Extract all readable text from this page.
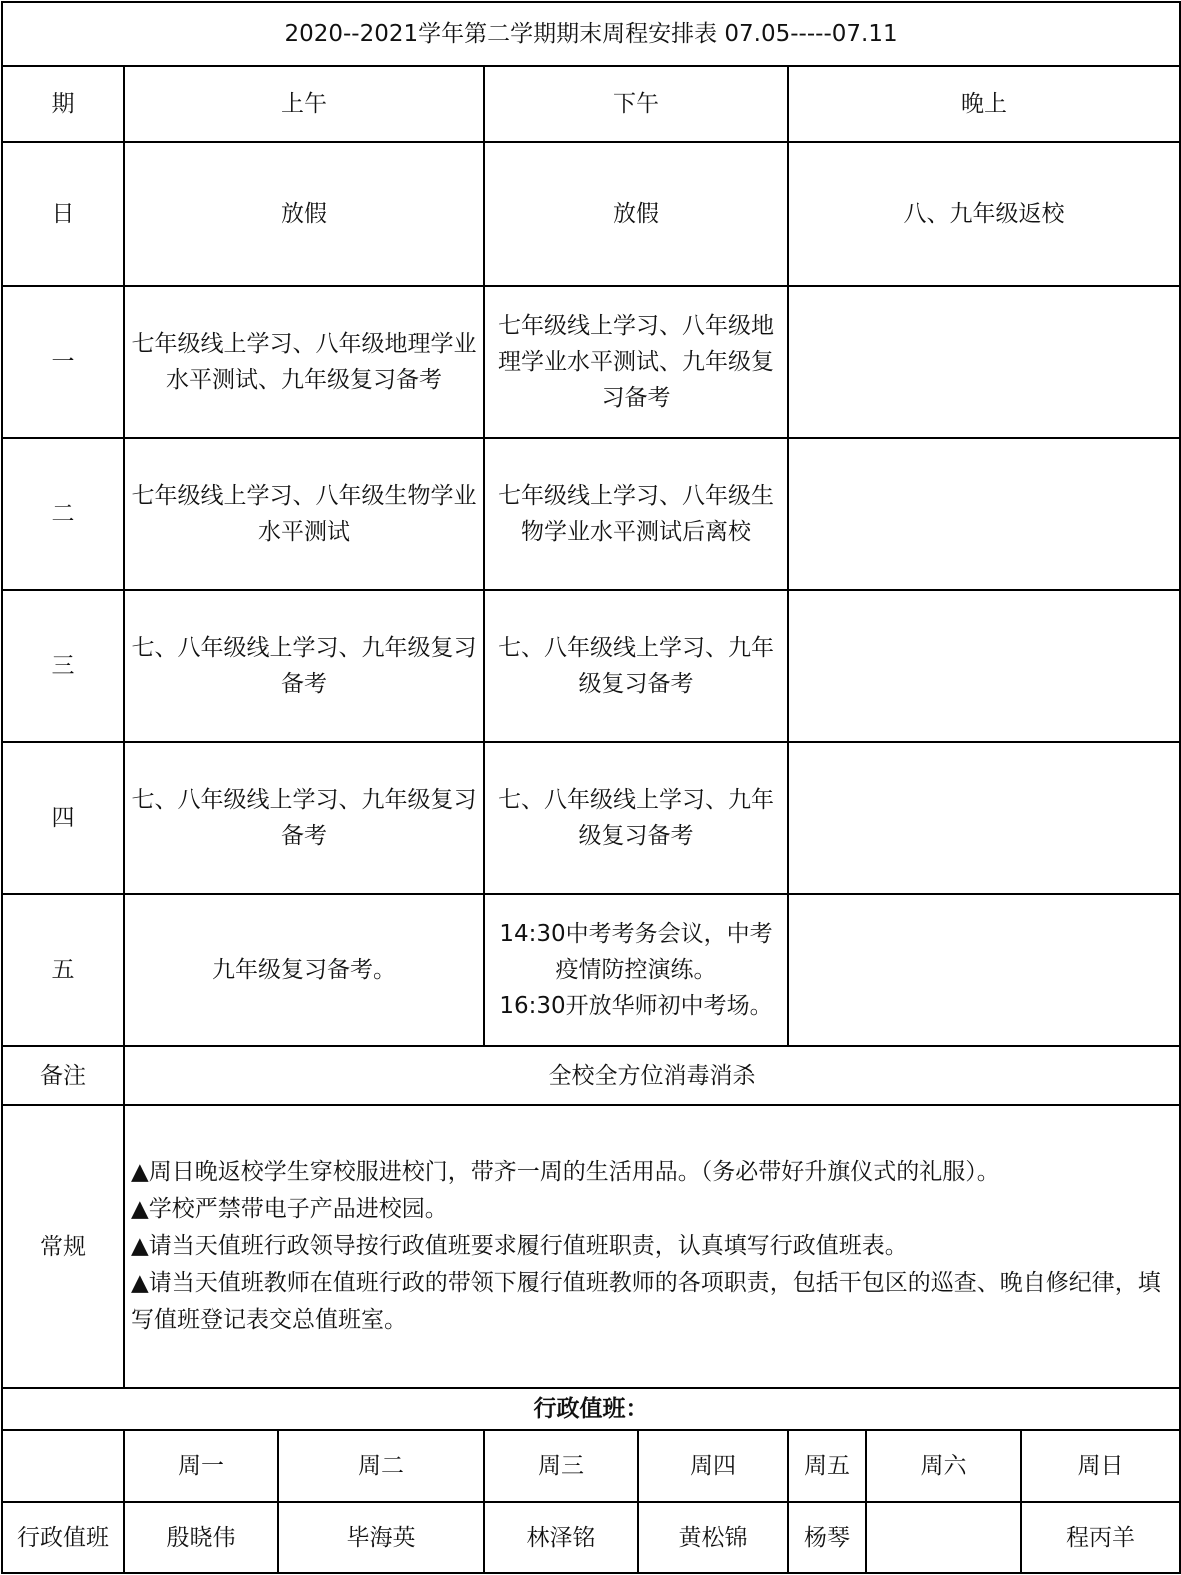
2020--2021学年第二学期期末周程安排表 07.05-----07.11							
期	上午		下午		晚上		
日	放假		放假		八、九年级返校		
一	七年级线上学习、八年级地理学业水平测试、九年级复习备考		七年级线上学习、八年级地理学业水平测试、九年级复习备考				
二	七年级线上学习、八年级生物学业水平测试		七年级线上学习、八年级生物学业水平测试后离校				
三	七、八年级线上学习、九年级复习备考		七、八年级线上学习、九年级复习备考				
四	七、八年级线上学习、九年级复习备考		七、八年级线上学习、九年级复习备考				
五	九年级复习备考。		14:30中考考务会议，中考疫情防控演练。
16:30开放华师初中考场。				

备注	全校全方位消毒消杀						
常规	▲周日晚返校学生穿校服进校门，带齐一周的生活用品。（务必带好升旗仪式的礼服）。
▲学校严禁带电子产品进校园。
▲请当天值班行政领导按行政值班要求履行值班职责，认真填写行政值班表。
▲请当天值班教师在值班行政的带领下履行值班教师的各项职责，包括干包区的巡查、晚自修纪律，填写值班登记表交总值班室。						

行政值班：							
	周一	周二	周三	周四	周五	周六	周日
行政值班	殷晓伟	毕海英	林泽铭	黄松锦	杨琴		程丙羊
